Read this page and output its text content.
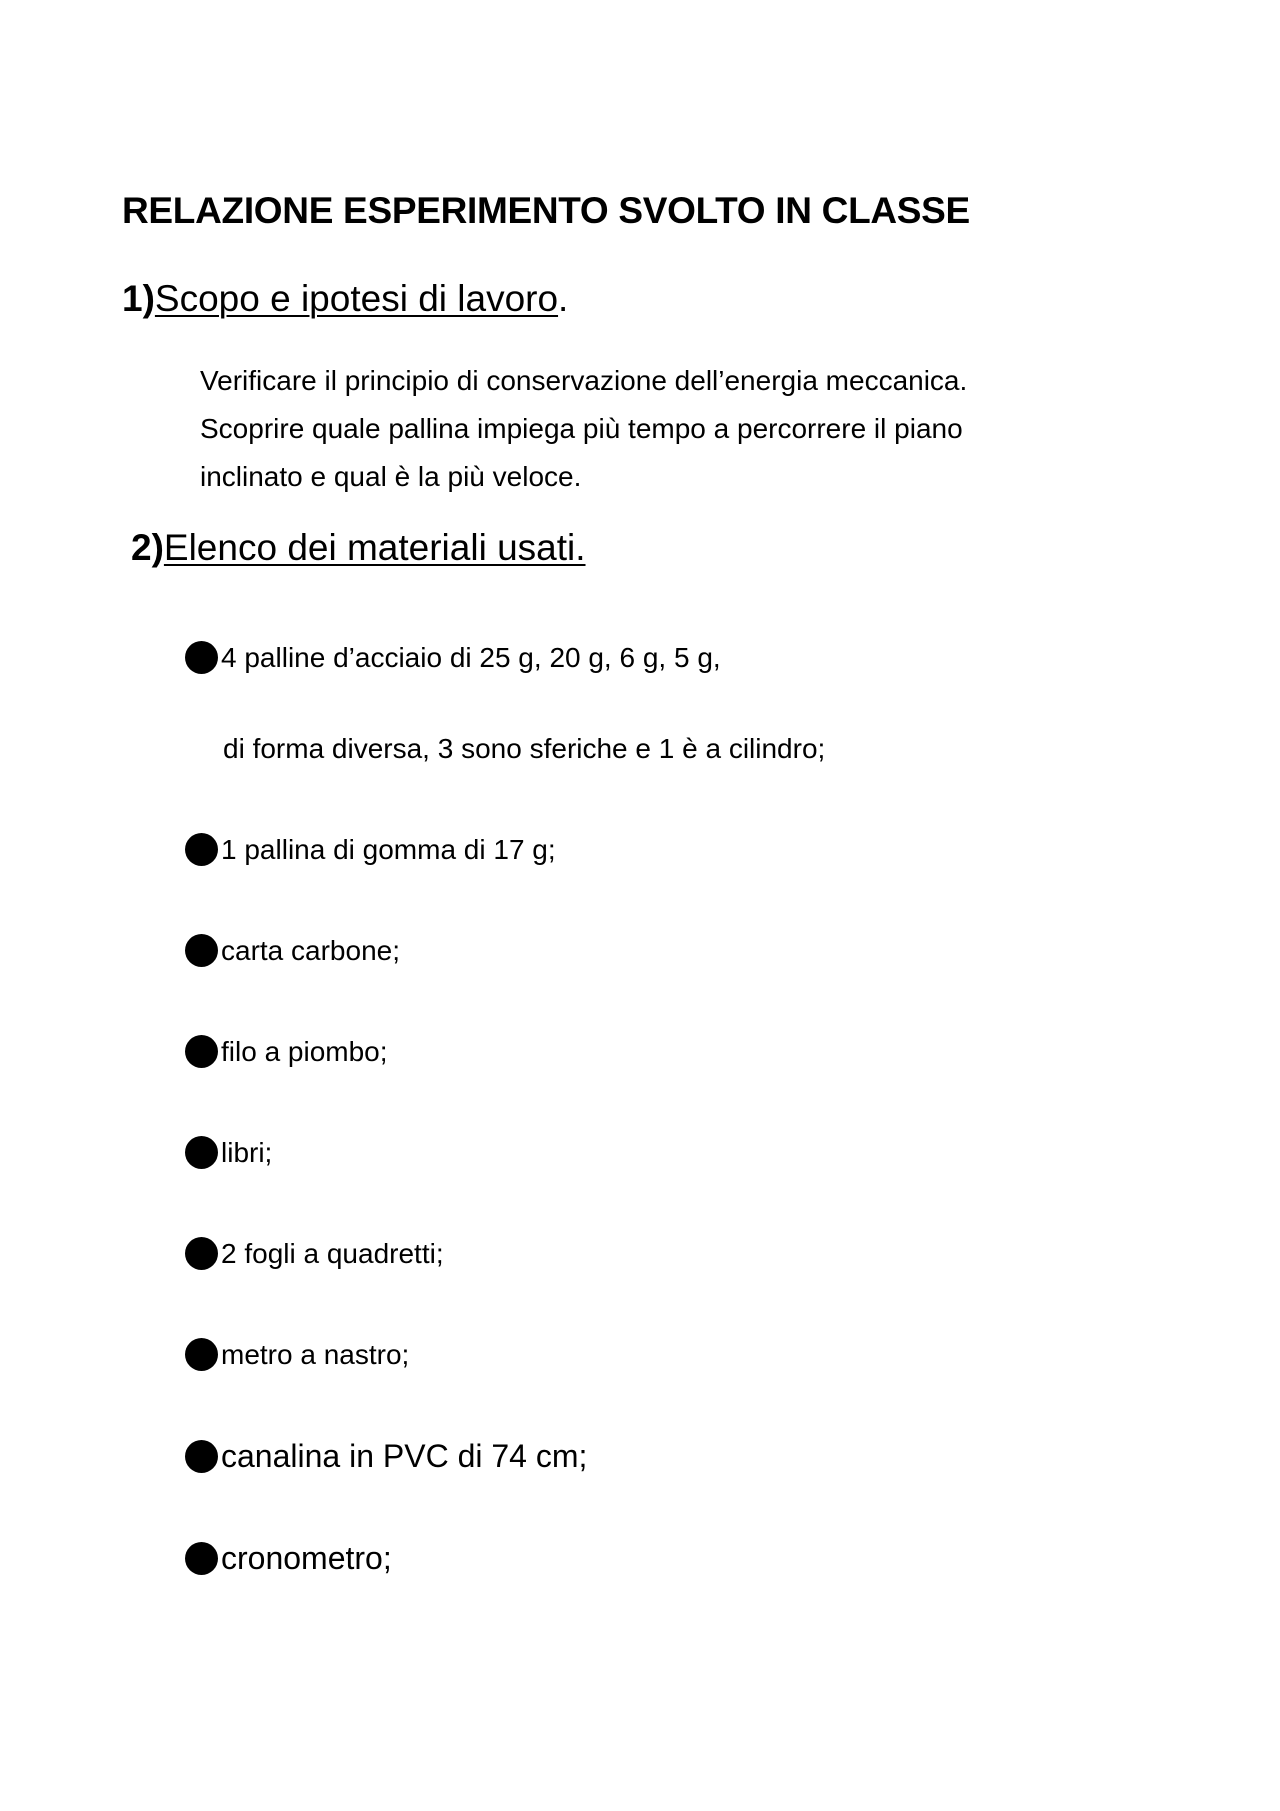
RELAZIONE ESPERIMENTO SVOLTO IN CLASSE
1)Scopo e ipotesi di lavoro.

Verificare il principio di conservazione dell’energia meccanica.
Scoprire quale pallina impiega più tempo a percorrere il piano
inclinato e qual è la più veloce.

2)Elenco dei materiali usati.
4 palline d’acciaio di 25 g, 20 g, 6 g, 5 g,
1 pallina di gomma di 17 g;
carta carbone;
filo a piombo;
libri;
2 fogli a quadretti;
metro a nastro;
canalina in PVC di 74 cm;
cronometro;
di forma diversa, 3 sono sferiche e 1 è a cilindro;
